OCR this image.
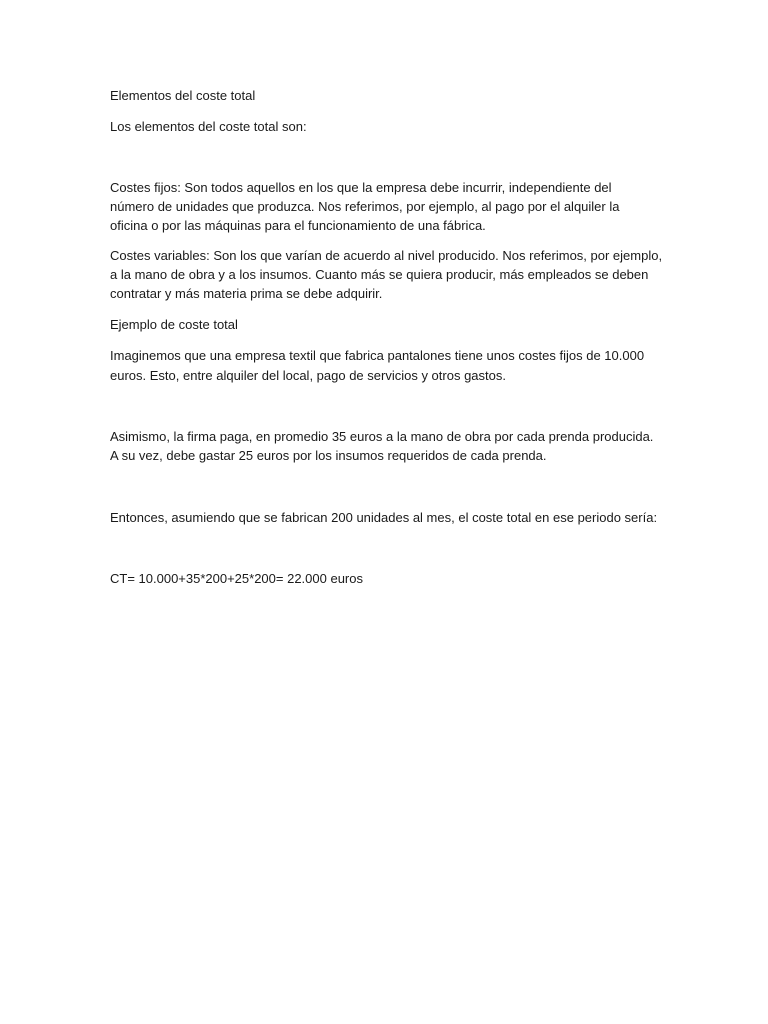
Elementos del coste total

Los elementos del coste total son:

Costes fijos: Son todos aquellos en los que la empresa debe incurrir, independiente del

número de unidades que produzca. Nos referimos, por ejemplo, al pago por el alquiler la

oficina o por las máquinas para el funcionamiento de una fábrica.

Costes variables: Son los que varían de acuerdo al nivel producido. Nos referimos, por ejemplo,

a la mano de obra y a los insumos. Cuanto más se quiera producir, más empleados se deben

contratar y más materia prima se debe adquirir.

Ejemplo de coste total

Imaginemos que una empresa textil que fabrica pantalones tiene unos costes fijos de 10.000

euros. Esto, entre alquiler del local, pago de servicios y otros gastos.

Asimismo, la firma paga, en promedio 35 euros a la mano de obra por cada prenda producida.

A su vez, debe gastar 25 euros por los insumos requeridos de cada prenda.

Entonces, asumiendo que se fabrican 200 unidades al mes, el coste total en ese periodo sería:

CT= 10.000+35*200+25*200= 22.000 euros
